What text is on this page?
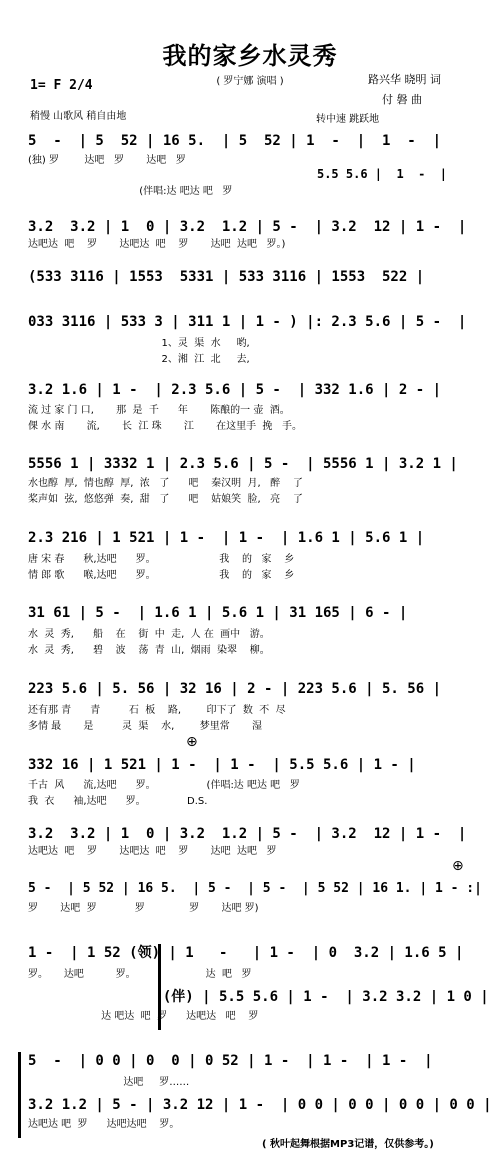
我的家乡水灵秀
( 罗宁娜 演唱 )	路兴华 晓明 词
付 磐 曲
1= F 2/4
稍慢 山歌风 稍自由地	转中速 跳跃地
5  -  | 5  52 | 16 5.  | 5  52 | 1  -  |  1  -  |
(独) 罗        达吧   罗       达吧   罗
5.5 5.6 |  1  -  |
(伴唱:达 吧达 吧   罗
3.2  3.2 | 1  0 | 3.2  1.2 | 5 -  | 3.2  12 | 1 -  |
达吧达  吧    罗       达吧达  吧    罗       达吧  达吧   罗。)
(533 3116 | 1553  5331 | 533 3116 | 1553  522 |
033 3116 | 533 3 | 311 1 | 1 - ) |: 2.3 5.6 | 5 -  |
1、灵  渠  水     哟,
2、湘  江  北     去,
3.2 1.6 | 1 -  | 2.3 5.6 | 5 -  | 332 1.6 | 2 - |
流 过 家 门 口,       那  是  千      年       陈酿的一 壶  酒。
倮 水 南       流,       长  江 珠       江       在这里手  挽   手。
5556 1 | 3332 1 | 2.3 5.6 | 5 -  | 5556 1 | 3.2 1 |
水也醇  厚,  情也醇  厚,  浓   了      吧    秦汉明  月,   醉    了
桨声如  弦,  悠悠弹  奏,  甜   了      吧    姑娘笑  脸,   亮    了
2.3 216 | 1 521 | 1 -  | 1 -  | 1.6 1 | 5.6 1 |
唐 宋 春      秋,达吧      罗。                    我    的   家    乡
情 郎 歌      喉,达吧      罗。                    我    的   家    乡
31 61 | 5 -  | 1.6 1 | 5.6 1 | 31 165 | 6 - |
水  灵  秀,      船    在    街  中  走,  人 在  画中   游。
水  灵  秀,      碧    波    荡  青  山,  烟雨  染翠    柳。
223 5.6 | 5. 56 | 32 16 | 2 - | 223 5.6 | 5. 56 |
还有那 青      青         石  板    路,        印下了  数  不  尽
多情 最       是         灵  渠    水,        梦里常       湿
332 16 | 1 521 | 1 -  | 1 -  | 5.5 5.6 | 1 - |
千古  风      流,达吧      罗。                (伴唱:达 吧达 吧   罗
我  衣      袖,达吧      罗。             D.S.
3.2  3.2 | 1  0 | 3.2  1.2 | 5 -  | 3.2  12 | 1 -  |
达吧达  吧    罗       达吧达  吧    罗       达吧  达吧   罗
5 -  | 5 52 | 16 5.  | 5 -  | 5 -  | 5 52 | 16 1. | 1 - :|
罗       达吧  罗            罗              罗       达吧 罗)
1 -  | 1 52 (领) | 1   -   | 1 -  | 0  3.2 | 1.6 5 |
罗。     达吧          罗。                      达  吧   罗
(伴) | 5.5 5.6 | 1 -  | 3.2 3.2 | 1 0 |
达 吧达  吧  罗      达吧达   吧    罗
5  -  | 0 0 | 0  0 | 0 52 | 1 -  | 1 -  | 1 -  |
达吧     罗……
3.2 1.2 | 5 - | 3.2 12 | 1 -  | 0 0 | 0 0 | 0 0 | 0 0 |
达吧达 吧  罗      达吧达吧    罗。
⊕
⊕
( 秋叶起舞根据MP3记谱，仅供参考。)
